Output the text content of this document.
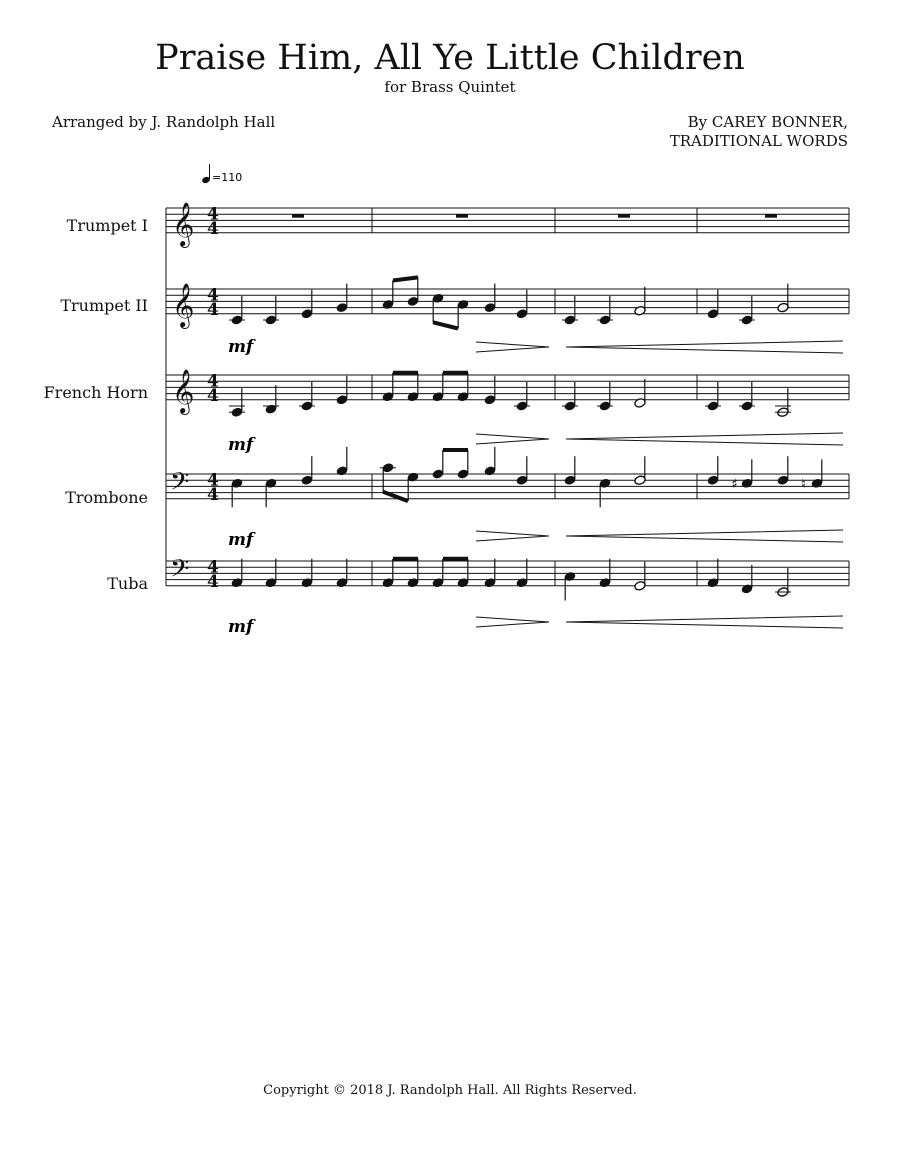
Praise Him, All Ye Little Children
for Brass Quintet
Arranged by J. Randolph Hall	By CAREY BONNER,
TRADITIONAL WORDS
Trumpet I
Trumpet II
French Horn
Trombone
Tuba
=110
𝄞
𝄞
𝄞
𝄢
𝄢
♯	♮
mf
mf
mf
mf
4
4
4
4
4
4
4
4
4
4
Copyright © 2018 J. Randolph Hall. All Rights Reserved.
